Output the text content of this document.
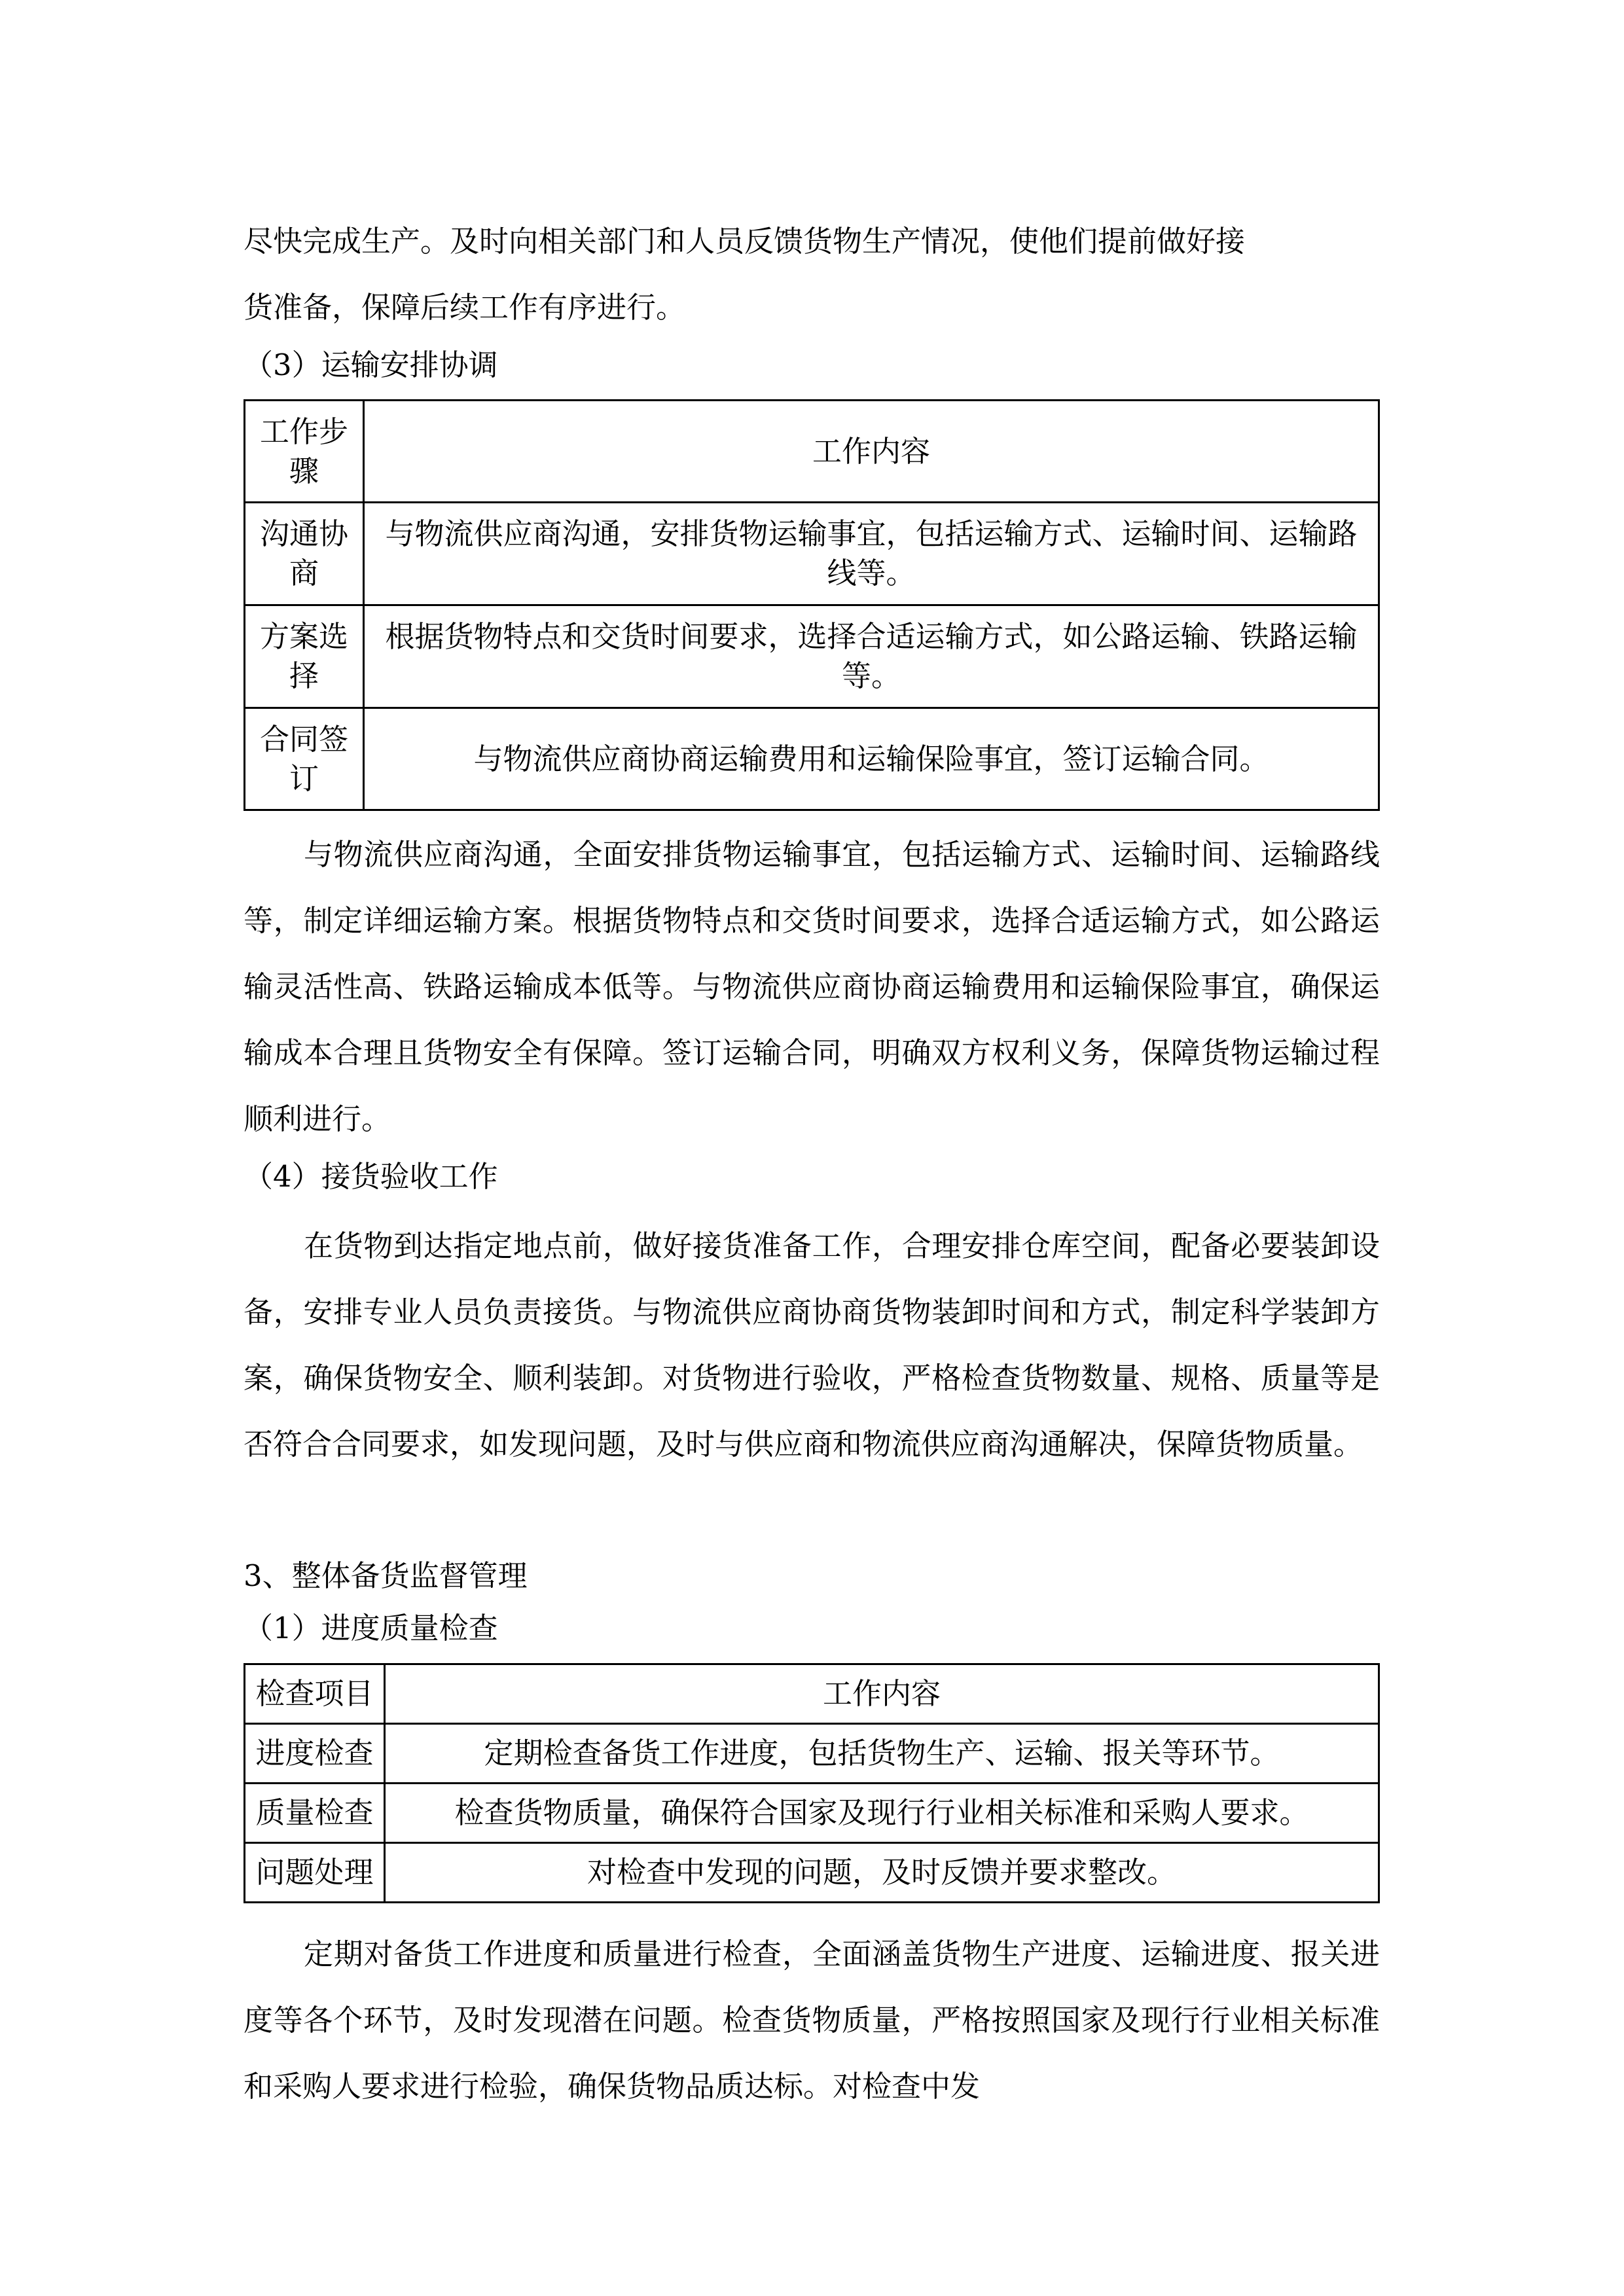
尽快完成生产。及时向相关部门和人员反馈货物生产情况，使他们提前做好接
货准备，保障后续工作有序进行。

（3）运输安排协调
工作步骤	工作内容
沟通协商	与物流供应商沟通，安排货物运输事宜，包括运输方式、运输时间、运输路线等。
方案选择	根据货物特点和交货时间要求，选择合适运输方式，如公路运输、铁路运输等。
合同签订	与物流供应商协商运输费用和运输保险事宜，签订运输合同。

与物流供应商沟通，全面安排货物运输事宜，包括运输方式、运输时间、运输路线等，制定详细运输方案。根据货物特点和交货时间要求，选择合适运输方式，如公路运输灵活性高、铁路运输成本低等。与物流供应商协商运输费用和运输保险事宜，确保运输成本合理且货物安全有保障。签订运输合同，明确双方权利义务，保障货物运输过程顺利进行。

（4）接货验收工作

在货物到达指定地点前，做好接货准备工作，合理安排仓库空间，配备必要装卸设备，安排专业人员负责接货。与物流供应商协商货物装卸时间和方式，制定科学装卸方案，确保货物安全、顺利装卸。对货物进行验收，严格检查货物数量、规格、质量等是否符合合同要求，如发现问题，及时与供应商和物流供应商沟通解决，保障货物质量。

3、整体备货监督管理
（1）进度质量检查
检查项目	工作内容
进度检查	定期检查备货工作进度，包括货物生产、运输、报关等环节。
质量检查	检查货物质量，确保符合国家及现行行业相关标准和采购人要求。
问题处理	对检查中发现的问题，及时反馈并要求整改。

定期对备货工作进度和质量进行检查，全面涵盖货物生产进度、运输进度、报关进度等各个环节，及时发现潜在问题。检查货物质量，严格按照国家及现行行业相关标准和采购人要求进行检验，确保货物品质达标。对检查中发
